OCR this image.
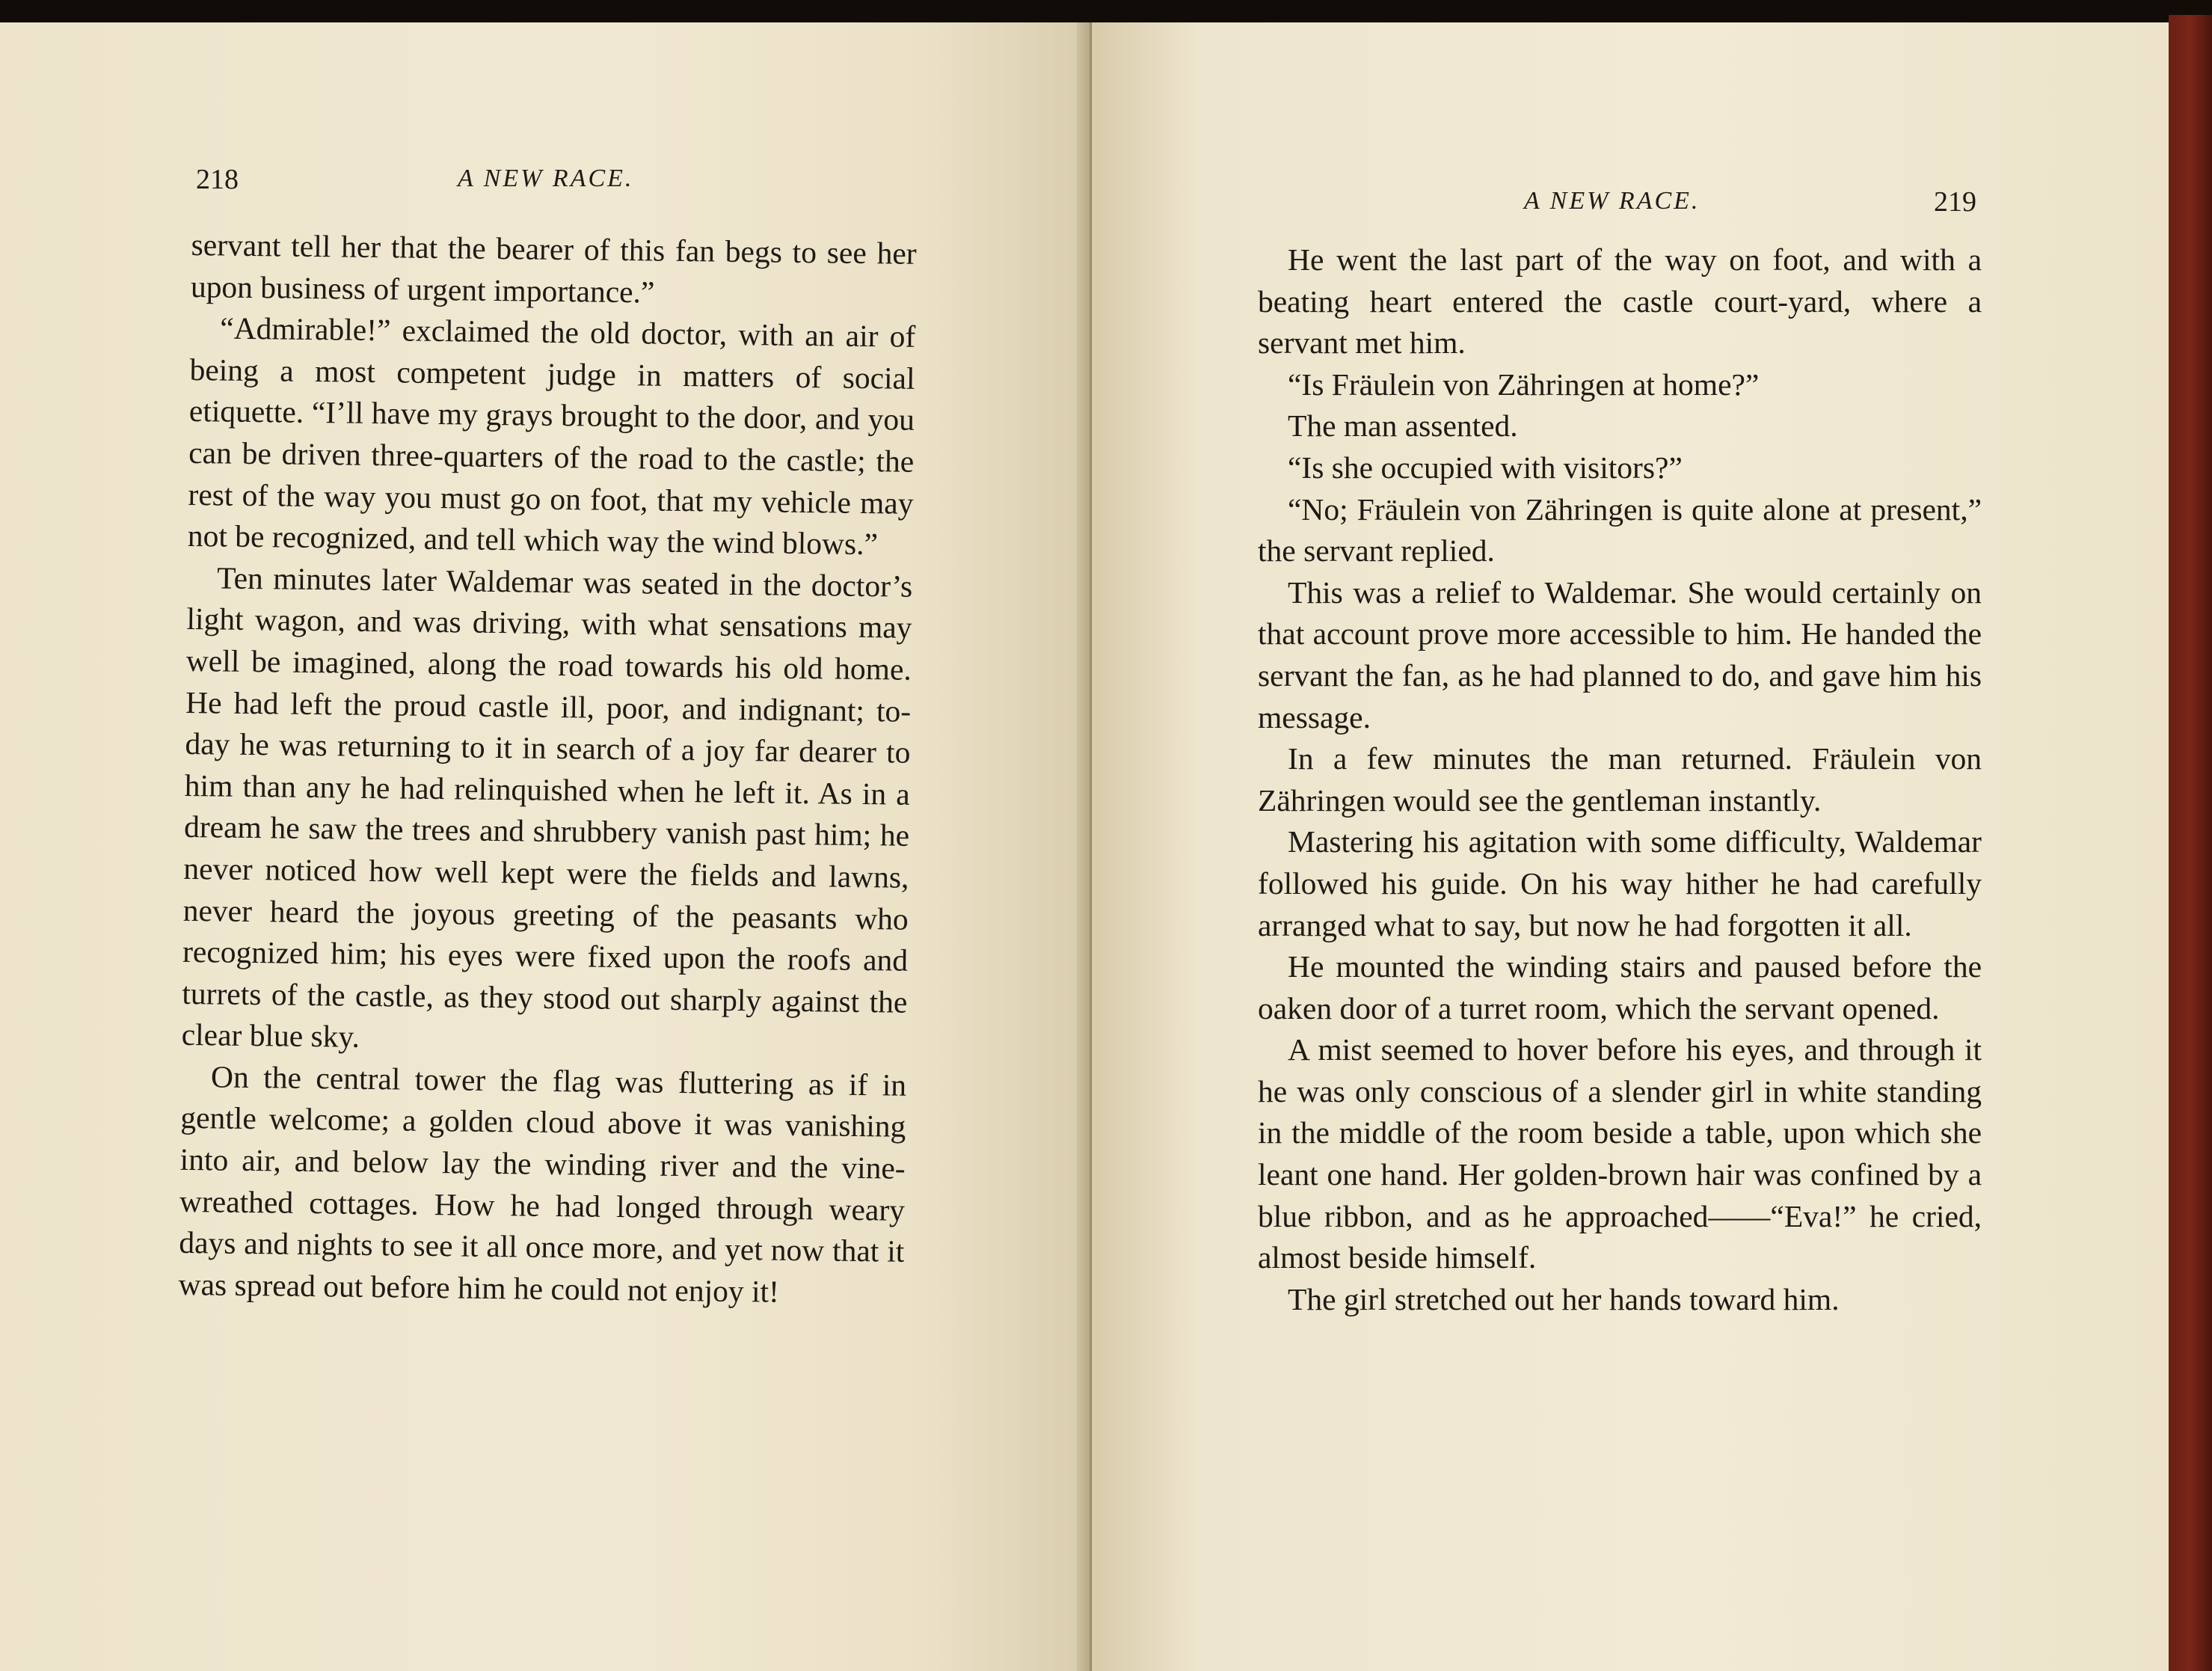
218	A NEW RACE.

servant tell her that the bearer of this fan begs to see her upon business of urgent importance.”

“Admirable!” exclaimed the old doctor, with an air of being a most competent judge in matters of social etiquette. “I’ll have my grays brought to the door, and you can be driven three-quarters of the road to the castle; the rest of the way you must go on foot, that my vehicle may not be recognized, and tell which way the wind blows.”

Ten minutes later Waldemar was seated in the doctor’s light wagon, and was driving, with what sensations may well be imagined, along the road towards his old home. He had left the proud castle ill, poor, and indignant; to-day he was returning to it in search of a joy far dearer to him than any he had relinquished when he left it. As in a dream he saw the trees and shrubbery vanish past him; he never noticed how well kept were the fields and lawns, never heard the joyous greeting of the peasants who recognized him; his eyes were fixed upon the roofs and turrets of the castle, as they stood out sharply against the clear blue sky.

On the central tower the flag was fluttering as if in gentle welcome; a golden cloud above it was vanishing into air, and below lay the winding river and the vine-wreathed cottages. How he had longed through weary days and nights to see it all once more, and yet now that it was spread out before him he could not enjoy it!

A NEW RACE.	219

He went the last part of the way on foot, and with a beating heart entered the castle court-yard, where a servant met him.

“Is Fräulein von Zähringen at home?”

The man assented.

“Is she occupied with visitors?”

“No; Fräulein von Zähringen is quite alone at present,” the servant replied.

This was a relief to Waldemar. She would certainly on that account prove more accessible to him. He handed the servant the fan, as he had planned to do, and gave him his message.

In a few minutes the man returned. Fräulein von Zähringen would see the gentleman instantly.

Mastering his agitation with some difficulty, Waldemar followed his guide. On his way hither he had carefully arranged what to say, but now he had forgotten it all.

He mounted the winding stairs and paused before the oaken door of a turret room, which the servant opened.

A mist seemed to hover before his eyes, and through it he was only conscious of a slender girl in white standing in the middle of the room beside a table, upon which she leant one hand. Her golden-brown hair was confined by a blue ribbon, and as he approached——“Eva!” he cried, almost beside himself.

The girl stretched out her hands toward him.
